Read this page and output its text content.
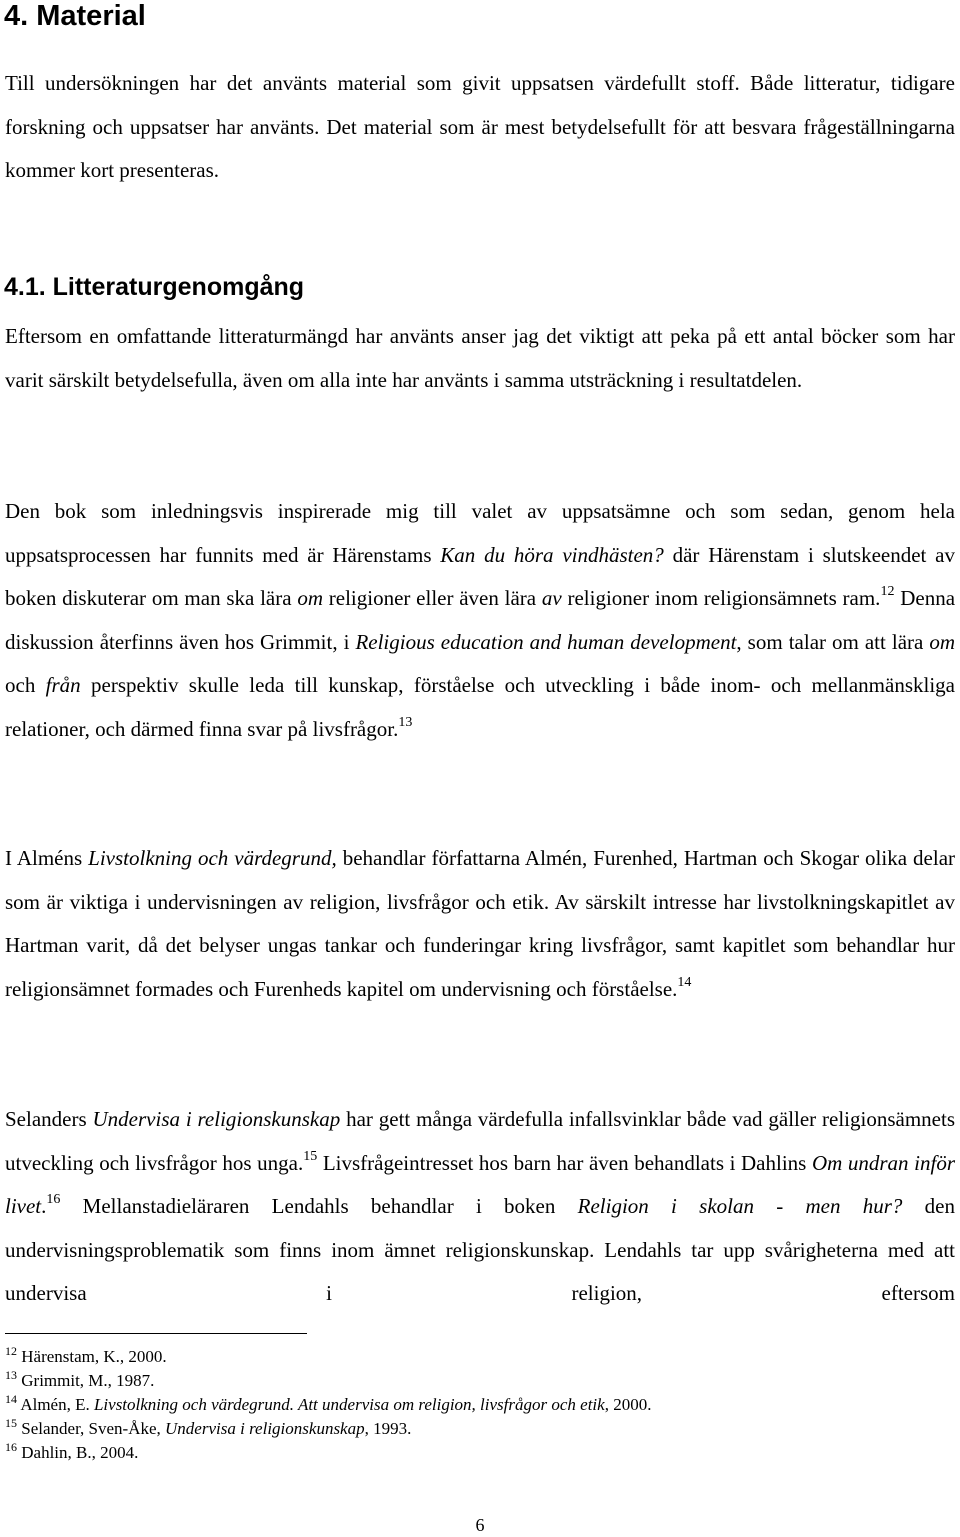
4. Material

Till undersökningen har det använts material som givit uppsatsen värdefullt stoff. Både litteratur, tidigare forskning och uppsatser har använts. Det material som är mest betydelsefullt för att besvara frågeställningarna kommer kort presenteras.

4.1. Litteraturgenomgång

Eftersom en omfattande litteraturmängd har använts anser jag det viktigt att peka på ett antal böcker som har varit särskilt betydelsefulla, även om alla inte har använts i samma utsträckning i resultatdelen.

Den bok som inledningsvis inspirerade mig till valet av uppsatsämne och som sedan, genom hela uppsatsprocessen har funnits med är Härenstams Kan du höra vindhästen? där Härenstam i slutskeendet av boken diskuterar om man ska lära om religioner eller även lära av religioner inom religionsämnets ram.$^{12}$ Denna diskussion återfinns även hos Grimmit, i Religious education and human development, som talar om att lära om och från perspektiv skulle leda till kunskap, förståelse och utveckling i både inom- och mellanmänskliga relationer, och därmed finna svar på livsfrågor.$^{13}$

I Alméns Livstolkning och värdegrund, behandlar författarna Almén, Furenhed, Hartman och Skogar olika delar som är viktiga i undervisningen av religion, livsfrågor och etik. Av särskilt intresse har livstolkningskapitlet av Hartman varit, då det belyser ungas tankar och funderingar kring livsfrågor, samt kapitlet som behandlar hur religionsämnet formades och Furenheds kapitel om undervisning och förståelse.$^{14}$

Selanders Undervisa i religionskunskap har gett många värdefulla infallsvinklar både vad gäller religionsämnets utveckling och livsfrågor hos unga.$^{15}$ Livsfrågeintresset hos barn har även behandlats i Dahlins Om undran inför livet.$^{16}$ Mellanstadieläraren Lendahls behandlar i boken Religion i skolan - men hur? den undervisningsproblematik som finns inom ämnet religionskunskap. Lendahls tar upp svårigheterna med att undervisa i religion, eftersom

$^{12}$ Härenstam, K., 2000.

$^{13}$ Grimmit, M., 1987.

$^{14}$ Almén, E. Livstolkning och värdegrund. Att undervisa om religion, livsfrågor och etik, 2000.

$^{15}$ Selander, Sven-Åke, Undervisa i religionskunskap, 1993.

$^{16}$ Dahlin, B., 2004.

6
